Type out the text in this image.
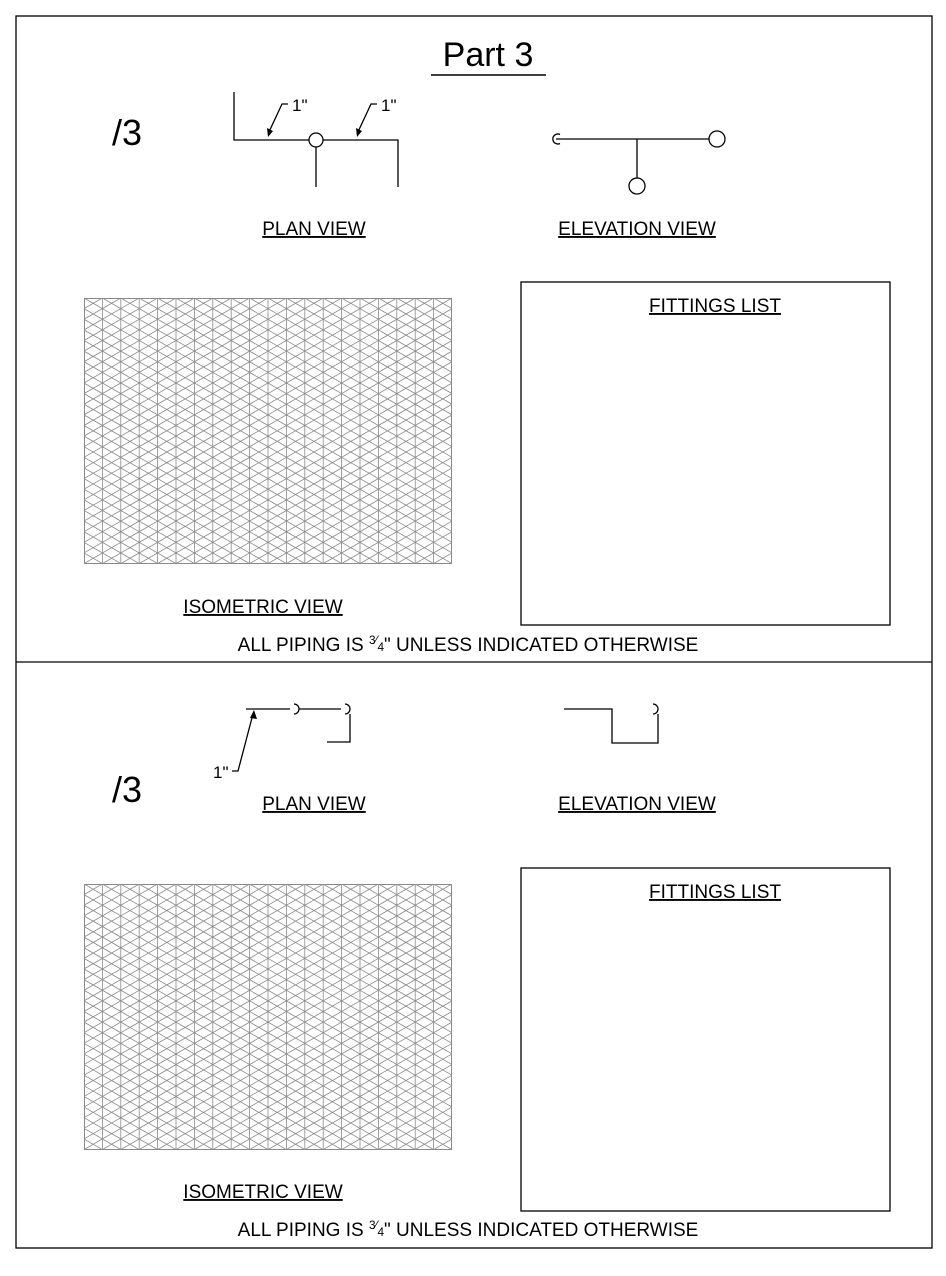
Part 3
/3
1"	1"
PLAN VIEW	ELEVATION VIEW
ISOMETRIC VIEW
FITTINGS LIST
ALL PIPING IS $^3⁄_4$" UNLESS INDICATED OTHERWISE
/3	1"
PLAN VIEW	ELEVATION VIEW
ISOMETRIC VIEW
FITTINGS LIST
ALL PIPING IS $^3⁄_4$" UNLESS INDICATED OTHERWISE
